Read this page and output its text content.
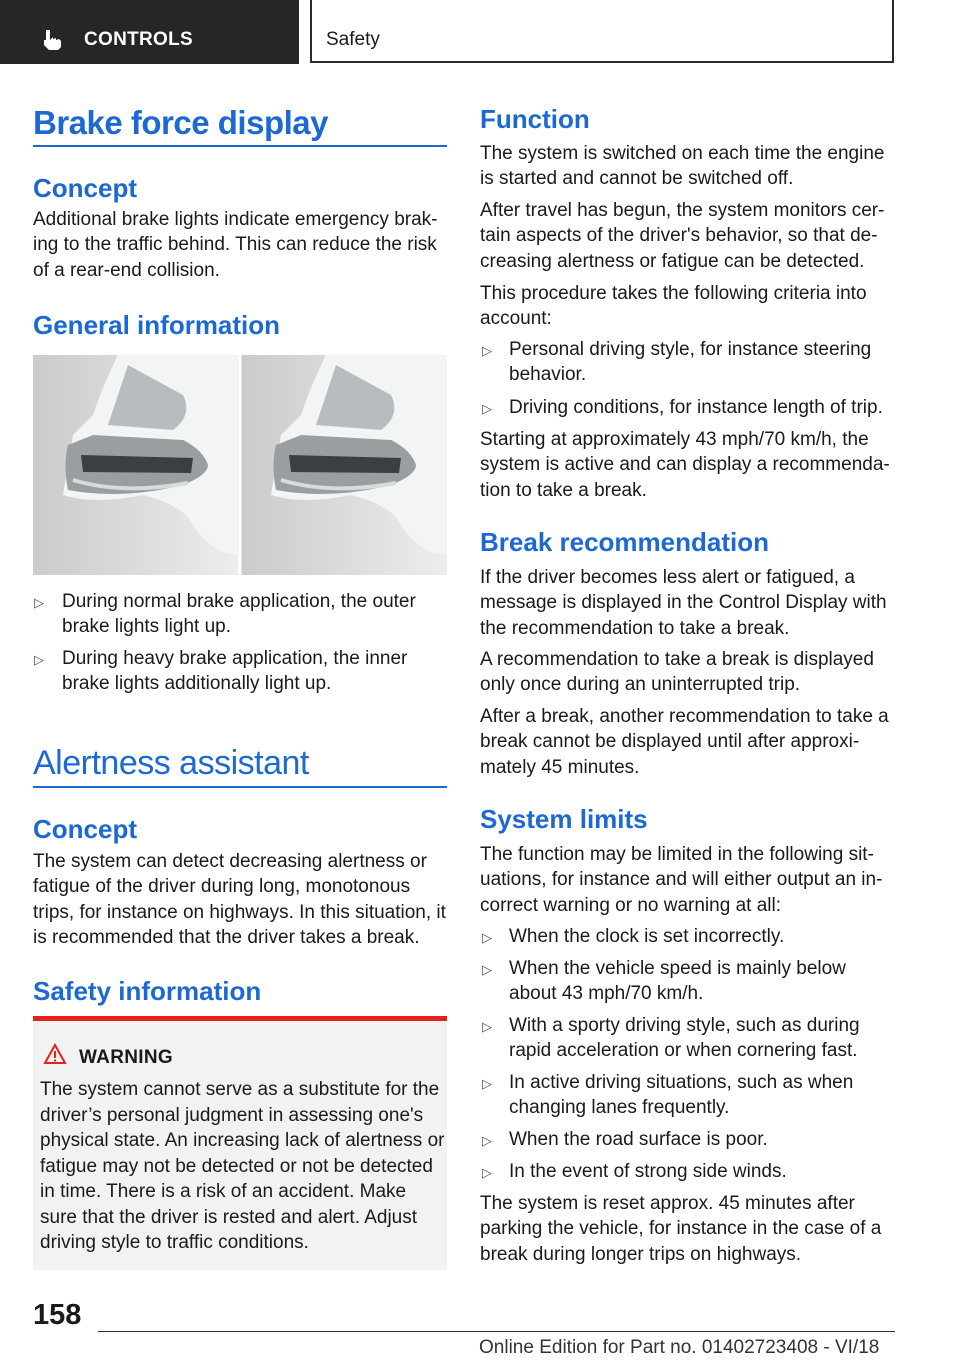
CONTROLS	Safety
Brake force display
Concept
Additional brake lights indicate emergency brak‐
ing to the traffic behind. This can reduce the risk
of a rear‑end collision.
General information
▷ During normal brake application, the outer
brake lights light up.
▷ During heavy brake application, the inner
brake lights additionally light up.
Alertness assistant
Concept
The system can detect decreasing alertness or
fatigue of the driver during long, monotonous
trips, for instance on highways. In this situation, it
is recommended that the driver takes a break.
Safety information
WARNING
The system cannot serve as a substitute for the
driver’s personal judgment in assessing one's
physical state. An increasing lack of alertness or
fatigue may not be detected or not be detected
in time. There is a risk of an accident. Make
sure that the driver is rested and alert. Adjust
driving style to traffic conditions.
Function
The system is switched on each time the engine
is started and cannot be switched off.
After travel has begun, the system monitors cer‐
tain aspects of the driver's behavior, so that de‐
creasing alertness or fatigue can be detected.
This procedure takes the following criteria into
account:
▷ Personal driving style, for instance steering
behavior.
▷ Driving conditions, for instance length of trip.
Starting at approximately 43 mph/70 km/h, the
system is active and can display a recommenda‐
tion to take a break.
Break recommendation
If the driver becomes less alert or fatigued, a
message is displayed in the Control Display with
the recommendation to take a break.
A recommendation to take a break is displayed
only once during an uninterrupted trip.
After a break, another recommendation to take a
break cannot be displayed until after approxi‐
mately 45 minutes.
System limits
The function may be limited in the following sit‐
uations, for instance and will either output an in‐
correct warning or no warning at all:
▷ When the clock is set incorrectly.
▷ When the vehicle speed is mainly below
about 43 mph/70 km/h.
▷ With a sporty driving style, such as during
rapid acceleration or when cornering fast.
▷ In active driving situations, such as when
changing lanes frequently.
▷ When the road surface is poor.
▷ In the event of strong side winds.
The system is reset approx. 45 minutes after
parking the vehicle, for instance in the case of a
break during longer trips on highways.
158
Online Edition for Part no. 01402723408 - VI/18
